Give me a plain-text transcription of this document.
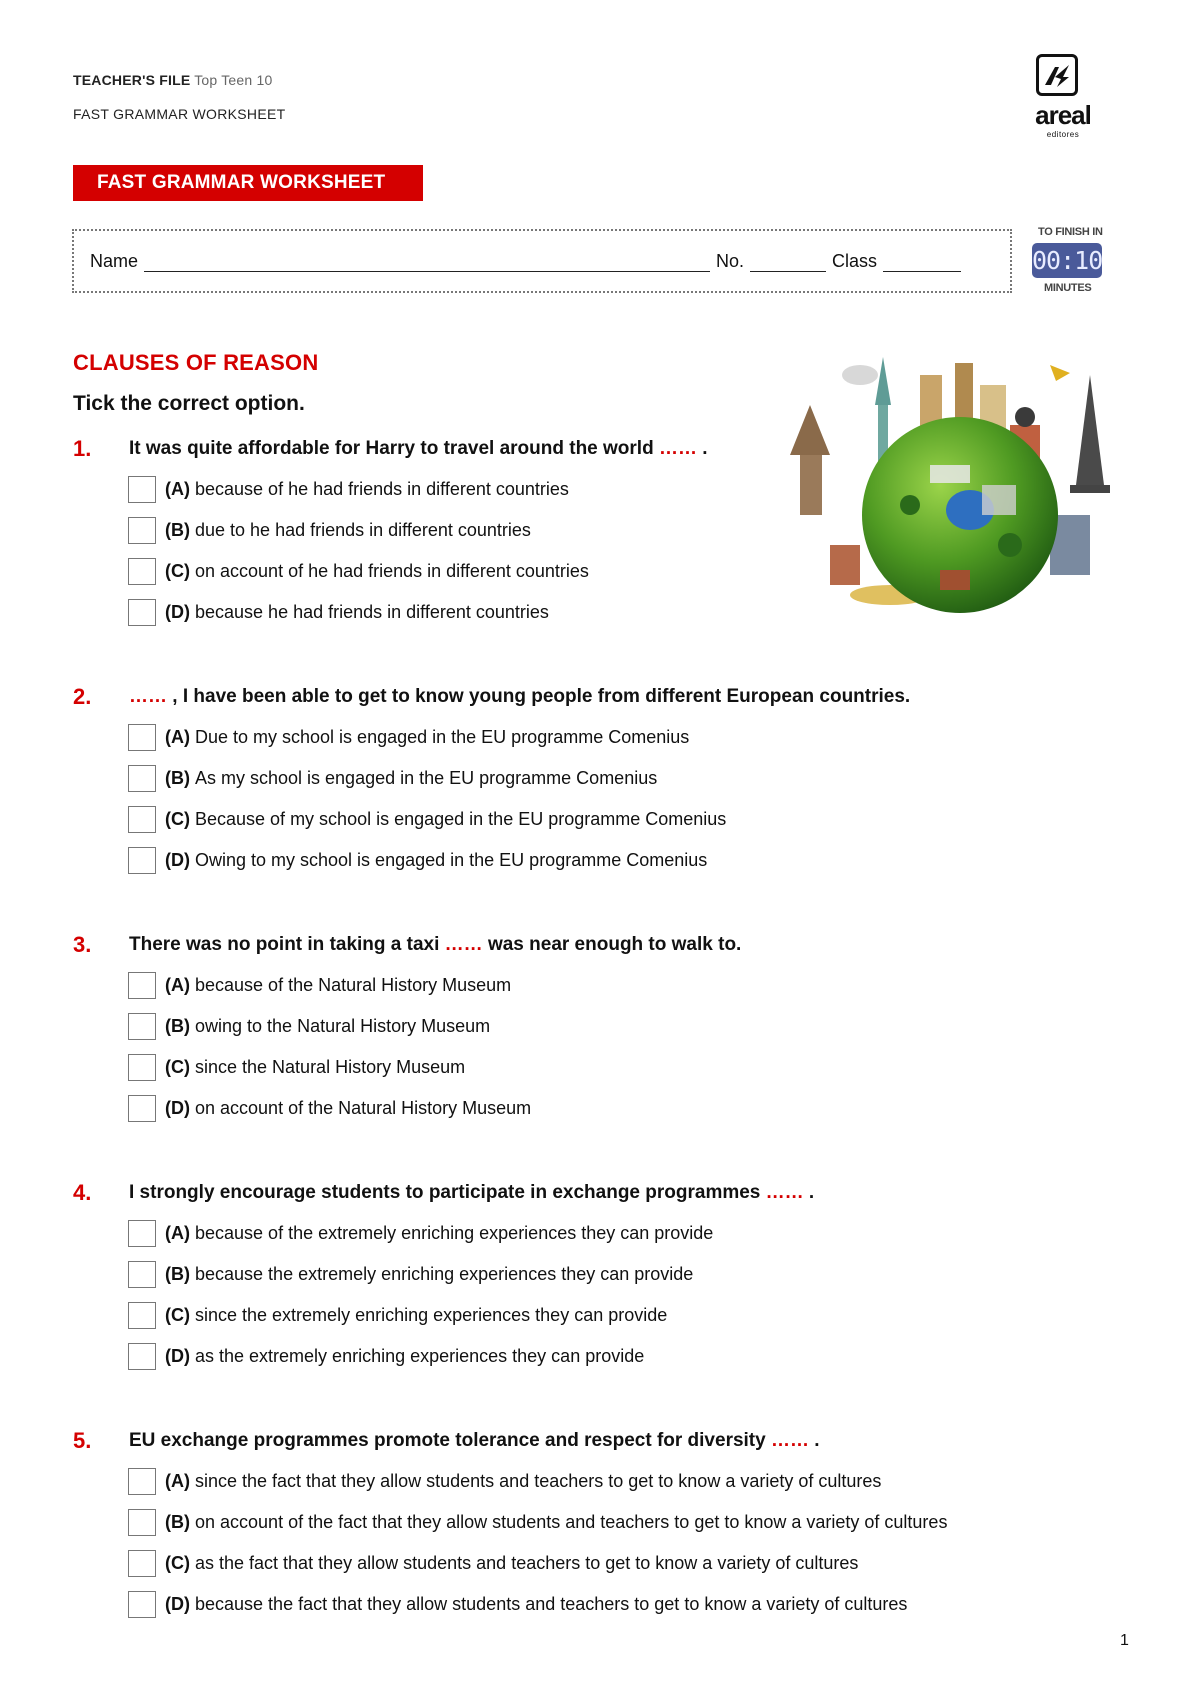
TEACHER'S FILE Top Teen 10
FAST GRAMMAR WORKSHEET	areal
editores
FAST GRAMMAR WORKSHEET
Name	No.	Class
TO FINISH IN
00:10
MINUTES
CLAUSES OF REASON
Tick the correct option.
1. It was quite affordable for Harry to travel around the world …… .
(A) because of he had friends in different countries
(B) due to he had friends in different countries
(C) on account of he had friends in different countries
(D) because he had friends in different countries
2. …… , I have been able to get to know young people from different European countries.
(A) Due to my school is engaged in the EU programme Comenius
(B) As my school is engaged in the EU programme Comenius
(C) Because of my school is engaged in the EU programme Comenius
(D) Owing to my school is engaged in the EU programme Comenius
3. There was no point in taking a taxi …… was near enough to walk to.
(A) because of the Natural History Museum
(B) owing to the Natural History Museum
(C) since the Natural History Museum
(D) on account of the Natural History Museum
4. I strongly encourage students to participate in exchange programmes …… .
(A) because of the extremely enriching experiences they can provide
(B) because the extremely enriching experiences they can provide
(C) since the extremely enriching experiences they can provide
(D) as the extremely enriching experiences they can provide
5. EU exchange programmes promote tolerance and respect for diversity …… .
(A) since the fact that they allow students and teachers to get to know a variety of cultures
(B) on account of the fact that they allow students and teachers to get to know a variety of cultures
(C) as the fact that they allow students and teachers to get to know a variety of cultures
(D) because the fact that they allow students and teachers to get to know a variety of cultures
1
